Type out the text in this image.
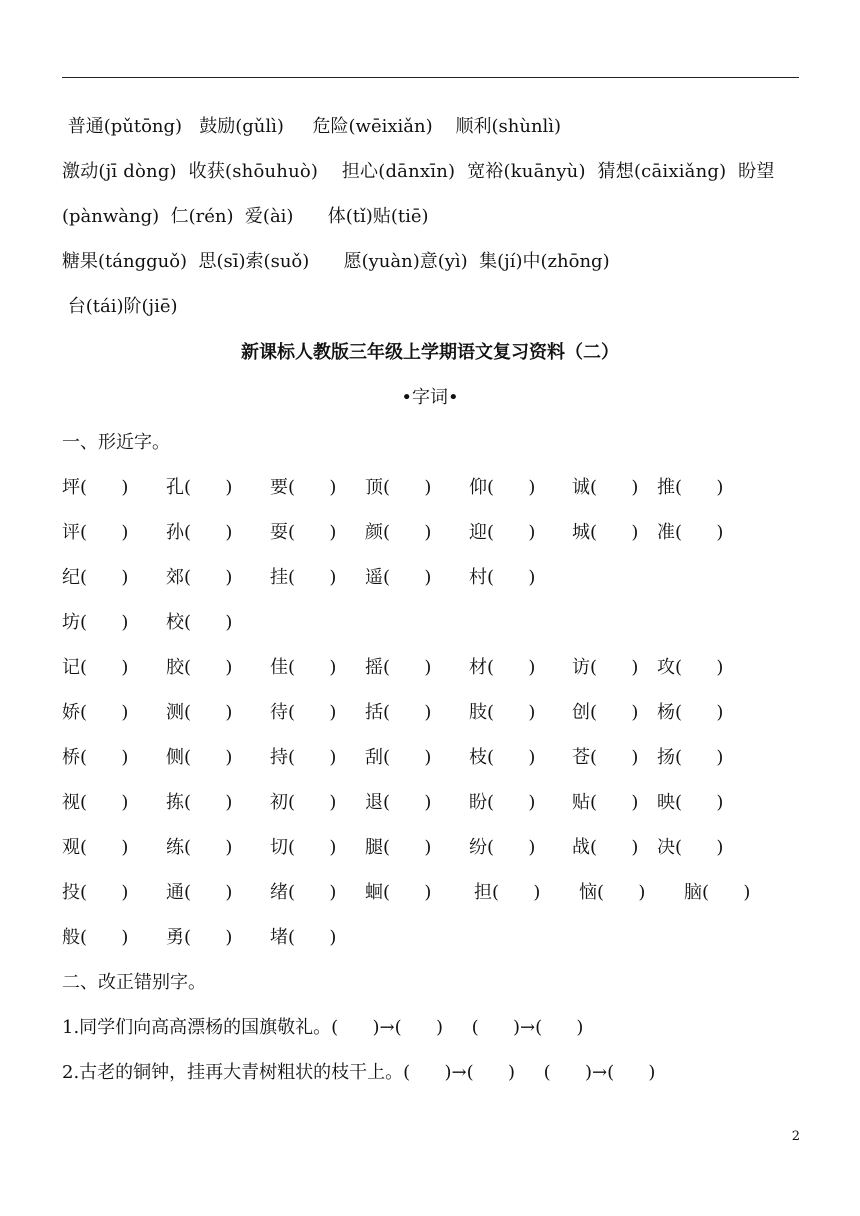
普通(pǔtōng)   鼓励(gǔlì)     危险(wēixiǎn)    顺利(shùnlì)
激动(jī dòng)  收获(shōuhuò)    担心(dānxīn)  宽裕(kuānyù)  猜想(cāixiǎng)  盼望
(pànwàng)  仁(rén)  爱(ài)      体(tǐ)贴(tiē)
糖果(tángguǒ)  思(sī)索(suǒ)      愿(yuàn)意(yì)  集(jí)中(zhōng)
台(tái)阶(jiē)
新课标人教版三年级上学期语文复习资料（二）
•字词•
一、形近字。
坪(      ) 孔(      ) 要(      ) 顶(      ) 仰(      ) 诚(      ) 推(      )
评(      ) 孙(      ) 耍(      ) 颜(      ) 迎(      ) 城(      ) 准(      )
纪(      ) 郊(      ) 挂(      ) 遥(      ) 村(      )
坊(      ) 校(      )
记(      ) 胶(      ) 佳(      ) 摇(      ) 材(      ) 访(      ) 攻(      )
娇(      ) 测(      ) 待(      ) 括(      ) 肢(      ) 创(      ) 杨(      )
桥(      ) 侧(      ) 持(      ) 刮(      ) 枝(      ) 苍(      ) 扬(      )
视(      ) 拣(      ) 初(      ) 退(      ) 盼(      ) 贴(      ) 映(      )
观(      ) 练(      ) 切(      ) 腿(      ) 纷(      ) 战(      ) 决(      )
投(      ) 通(      ) 绪(      ) 蛔(      ) 担(      ) 恼(      ) 脑(      )
般(      ) 勇(      ) 堵(      )
二、改正错别字。
1.同学们向高高漂杨的国旗敬礼。(      )→(      )     (      )→(      )
2.古老的铜钟，挂再大青树粗状的枝干上。(      )→(      )     (      )→(      )
2
